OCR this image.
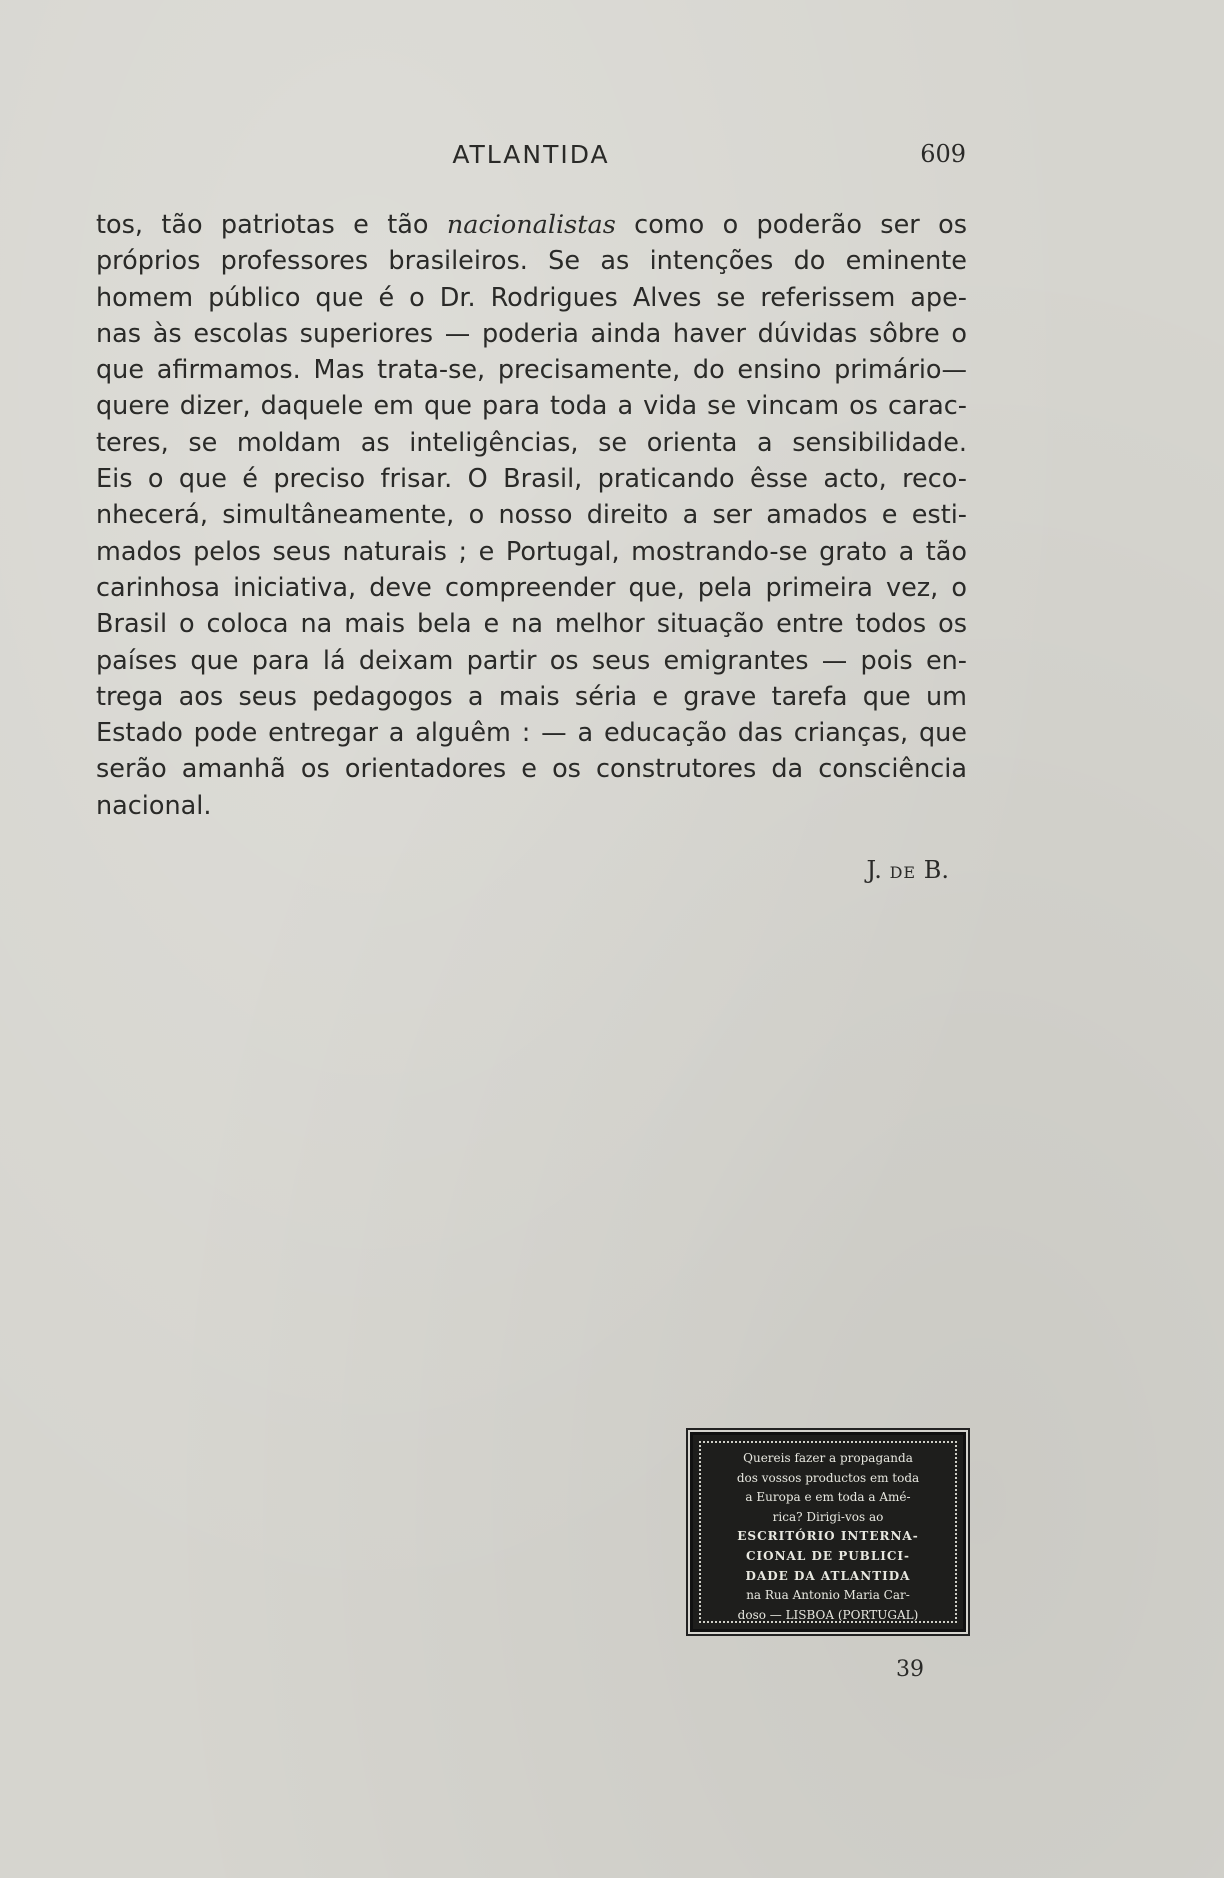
ATLANTIDA	609
tos, tão patriotas e tão nacionalistas como o poderão ser os
próprios professores brasileiros. Se as intenções do eminente
homem público que é o Dr. Rodrigues Alves se referissem ape-
nas às escolas superiores — poderia ainda haver dúvidas sôbre o
que afirmamos. Mas trata-se, precisamente, do ensino primário—
quere dizer, daquele em que para toda a vida se vincam os carac-
teres, se moldam as inteligências, se orienta a sensibilidade.
Eis o que é preciso frisar. O Brasil, praticando êsse acto, reco-
nhecerá, simultâneamente, o nosso direito a ser amados e esti-
mados pelos seus naturais ; e Portugal, mostrando-se grato a tão
carinhosa iniciativa, deve compreender que, pela primeira vez, o
Brasil o coloca na mais bela e na melhor situação entre todos os
países que para lá deixam partir os seus emigrantes — pois en-
trega aos seus pedagogos a mais séria e grave tarefa que um
Estado pode entregar a alguêm : — a educação das crianças, que
serão amanhã os orientadores e os construtores da consciência
nacional.
J. DE B.
Quereis fazer a propaganda
dos vossos productos em toda
a Europa e em toda a Amé-
rica? Dirigi-vos ao
ESCRITÓRIO INTERNA-
CIONAL DE PUBLICI-
DADE DA ATLANTIDA
na Rua Antonio Maria Car-
doso — LISBOA (PORTUGAL)
39
